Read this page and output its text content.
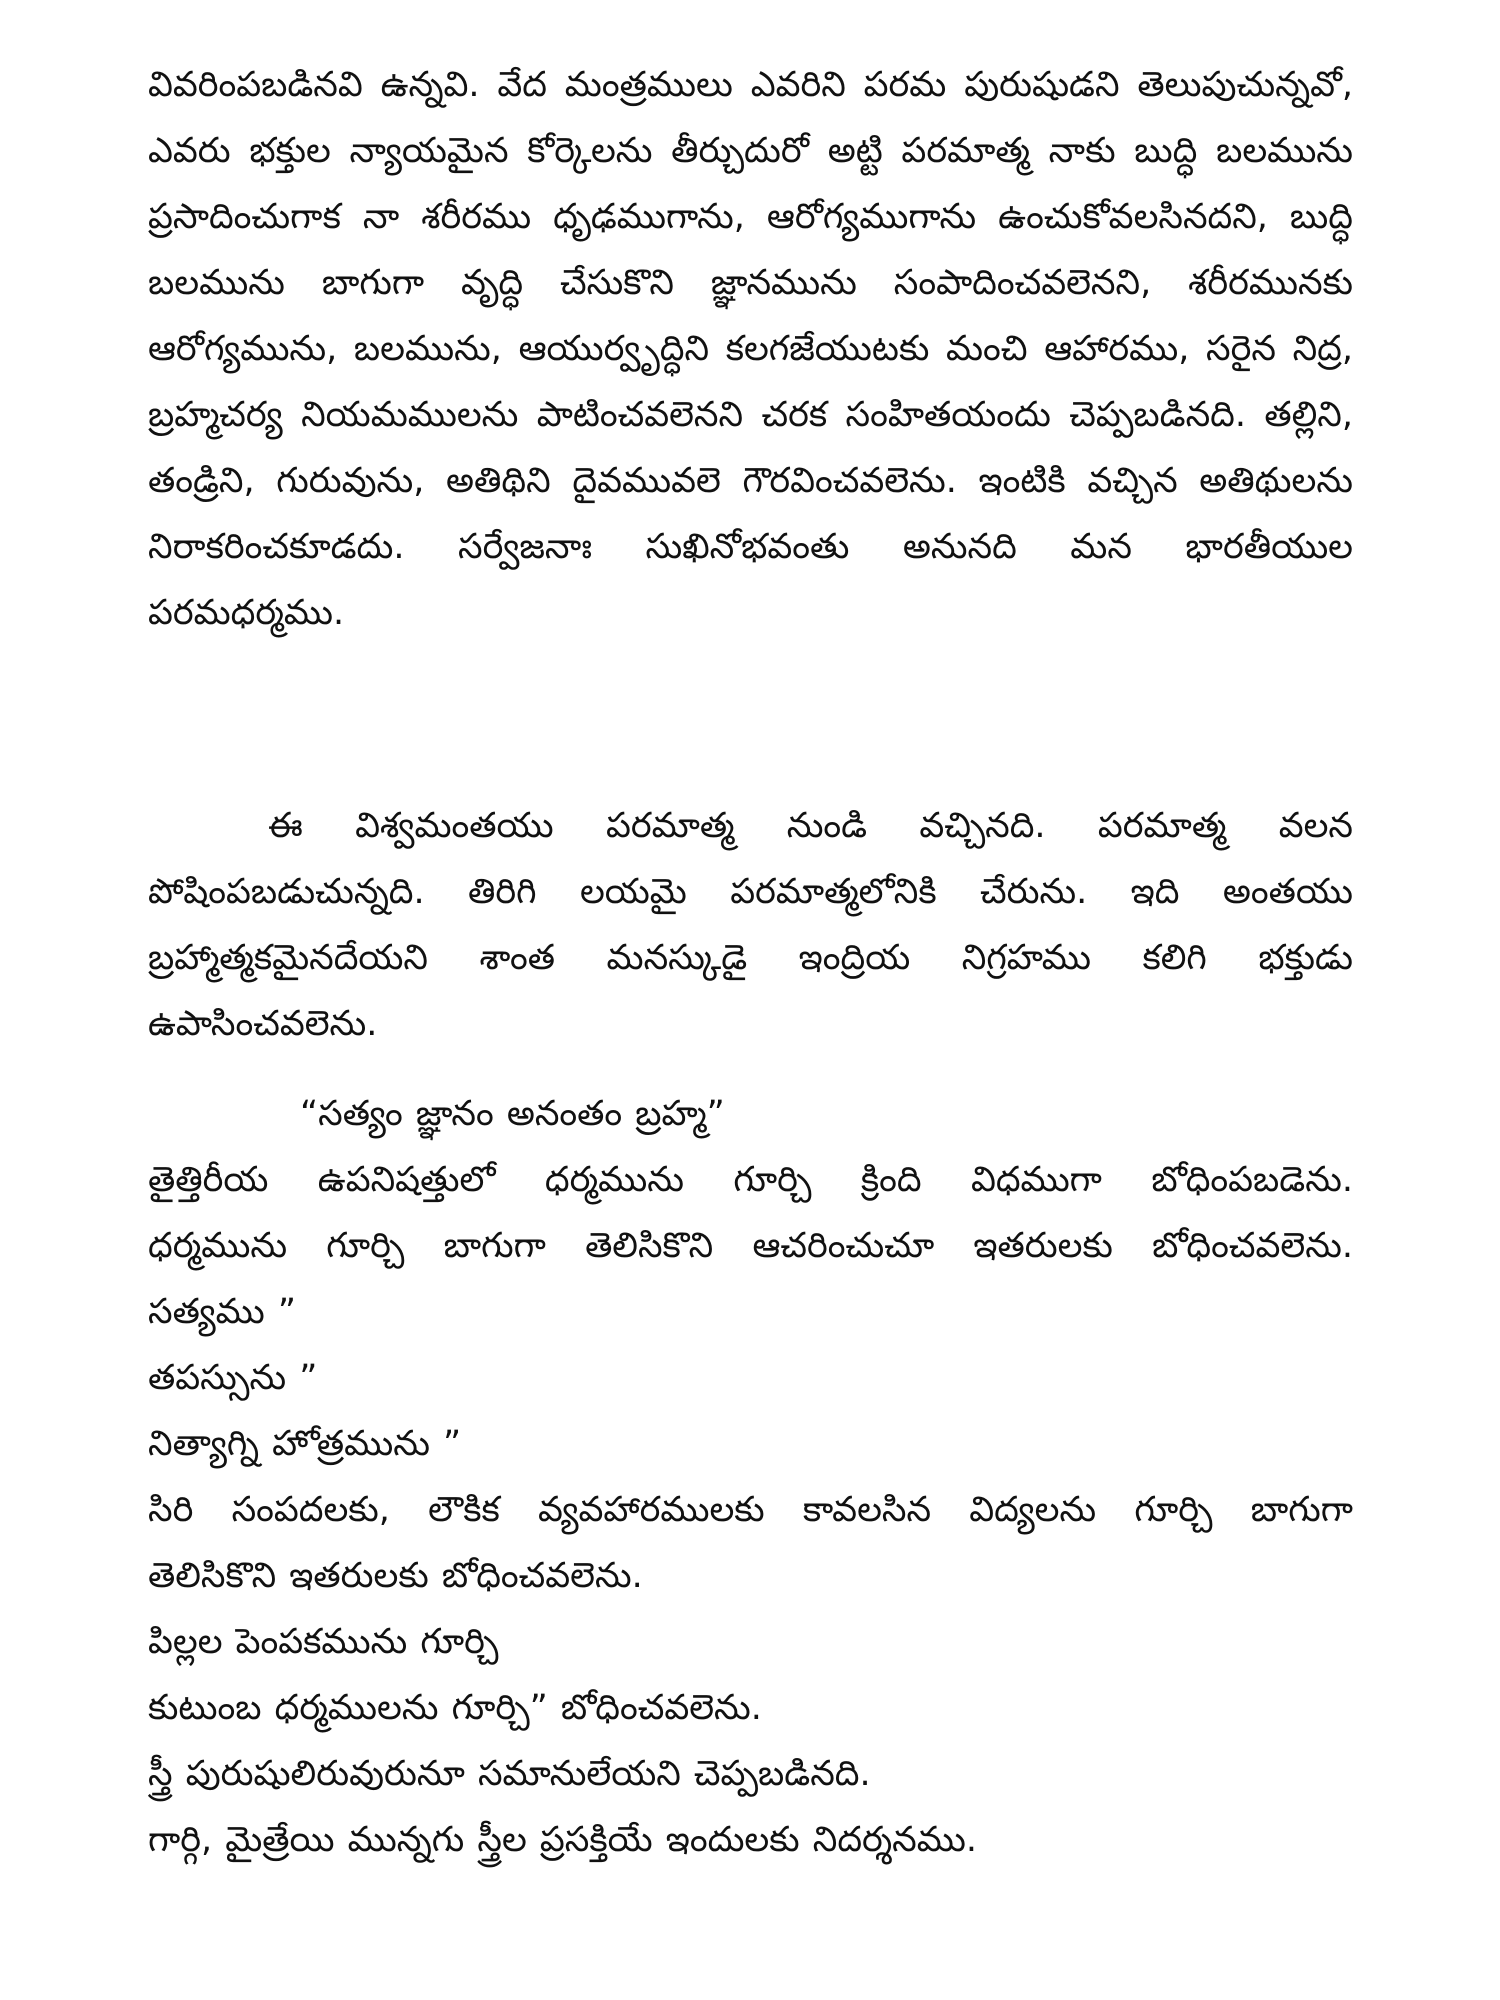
వివరింపబడినవి ఉన్నవి. వేద మంత్రములు ఎవరిని పరమ పురుషుడని తెలుపుచున్నవో, ఎవరు భక్తుల న్యాయమైన కోర్కెలను తీర్చుదురో అట్టి పరమాత్మ నాకు బుద్ధి బలమును ప్రసాదించుగాక నా శరీరము ధృఢముగాను, ఆరోగ్యముగాను ఉంచుకోవలసినదని, బుద్ధి బలమును బాగుగా వృద్ధి చేసుకొని జ్ఞానమును సంపాదించవలెనని, శరీరమునకు ఆరోగ్యమును, బలమును, ఆయుర్వృద్ధిని కలగజేయుటకు మంచి ఆహారము, సరైన నిద్ర, బ్రహ్మచర్య నియమములను పాటించవలెనని చరక సంహితయందు చెప్పబడినది. తల్లిని, తండ్రిని, గురువును, అతిథిని దైవమువలె గౌరవించవలెను. ఇంటికి వచ్చిన అతిథులను నిరాకరించకూడదు. సర్వేజనాః సుఖినోభవంతు అనునది మన భారతీయుల పరమధర్మము.

ఈ విశ్వమంతయు పరమాత్మ నుండి వచ్చినది. పరమాత్మ వలన పోషింపబడుచున్నది. తిరిగి లయమై పరమాత్మలోనికి చేరును. ఇది అంతయు బ్రహ్మాత్మకమైనదేయని శాంత మనస్కుడై ఇంద్రియ నిగ్రహము కలిగి భక్తుడు ఉపాసించవలెను.

“సత్యం జ్ఞానం అనంతం బ్రహ్మ”
తైత్తిరీయ ఉపనిషత్తులో ధర్మమును గూర్చి క్రింది విధముగా బోధింపబడెను.
ధర్మమును గూర్చి బాగుగా తెలిసికొని ఆచరించుచూ ఇతరులకు బోధించవలెను.
సత్యము ”
తపస్సును ”
నిత్యాగ్ని హోత్రమును ”
సిరి సంపదలకు, లౌకిక వ్యవహారములకు కావలసిన విద్యలను గూర్చి బాగుగా
తెలిసికొని ఇతరులకు బోధించవలెను.
పిల్లల పెంపకమును గూర్చి
కుటుంబ ధర్మములను గూర్చి” బోధించవలెను.
స్త్రీ పురుషులిరువురునూ సమానులేయని చెప్పబడినది.
గార్గి, మైత్రేయి మున్నగు స్త్రీల ప్రసక్తియే ఇందులకు నిదర్శనము.
